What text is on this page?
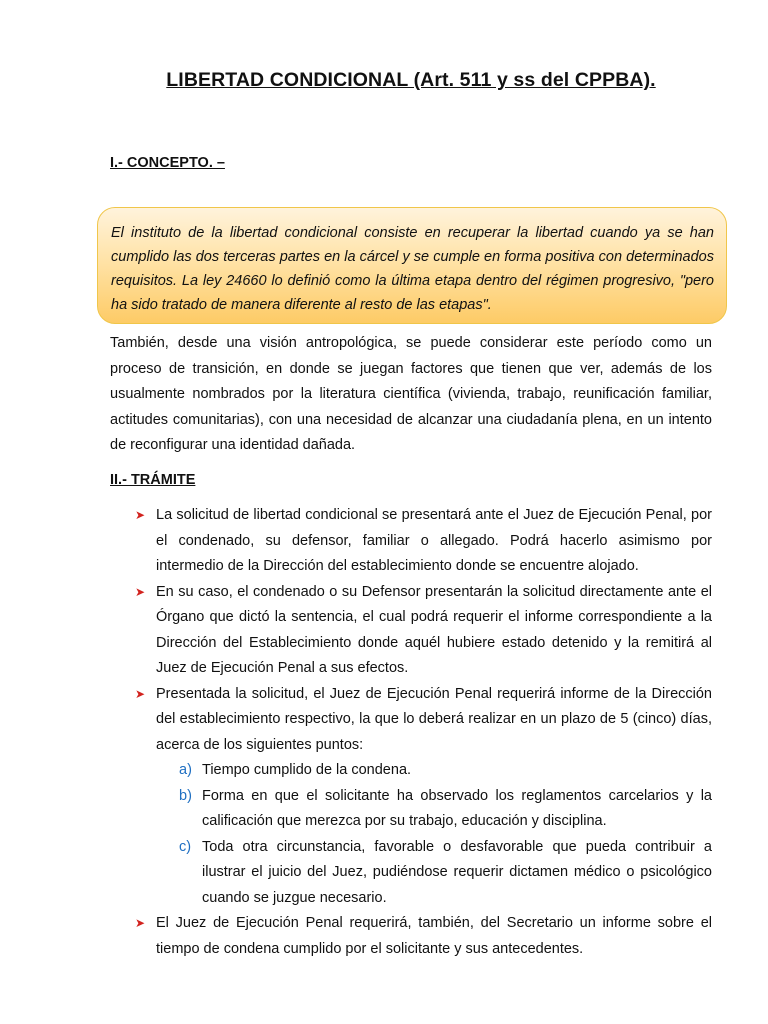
LIBERTAD CONDICIONAL (Art. 511 y ss del CPPBA).
I.- CONCEPTO. –

El instituto de la libertad condicional consiste en recuperar la libertad cuando ya se han cumplido las dos terceras partes en la cárcel y se cumple en forma positiva con determinados requisitos. La ley 24660 lo definió como la última etapa dentro del régimen progresivo, "pero ha sido tratado de manera diferente al resto de las etapas".

También, desde una visión antropológica, se puede considerar este período como un proceso de transición, en donde se juegan factores que tienen que ver, además de los usualmente nombrados por la literatura científica (vivienda, trabajo, reunificación familiar, actitudes comunitarias), con una necesidad de alcanzar una ciudadanía plena, en un intento de reconfigurar una identidad dañada.

II.- TRÁMITE
➤ La solicitud de libertad condicional se presentará ante el Juez de Ejecución Penal, por el condenado, su defensor, familiar o allegado. Podrá hacerlo asimismo por intermedio de la Dirección del establecimiento donde se encuentre alojado.
➤ En su caso, el condenado o su Defensor presentarán la solicitud directamente ante el Órgano que dictó la sentencia, el cual podrá requerir el informe correspondiente a la Dirección del Establecimiento donde aquél hubiere estado detenido y la remitirá al Juez de Ejecución Penal a sus efectos.
➤ Presentada la solicitud, el Juez de Ejecución Penal requerirá informe de la Dirección del establecimiento respectivo, la que lo deberá realizar en un plazo de 5 (cinco) días, acerca de los siguientes puntos:
a) Tiempo cumplido de la condena.
b) Forma en que el solicitante ha observado los reglamentos carcelarios y la calificación que merezca por su trabajo, educación y disciplina.
c) Toda otra circunstancia, favorable o desfavorable que pueda contribuir a ilustrar el juicio del Juez, pudiéndose requerir dictamen médico o psicológico cuando se juzgue necesario.
➤ El Juez de Ejecución Penal requerirá, también, del Secretario un informe sobre el tiempo de condena cumplido por el solicitante y sus antecedentes.
